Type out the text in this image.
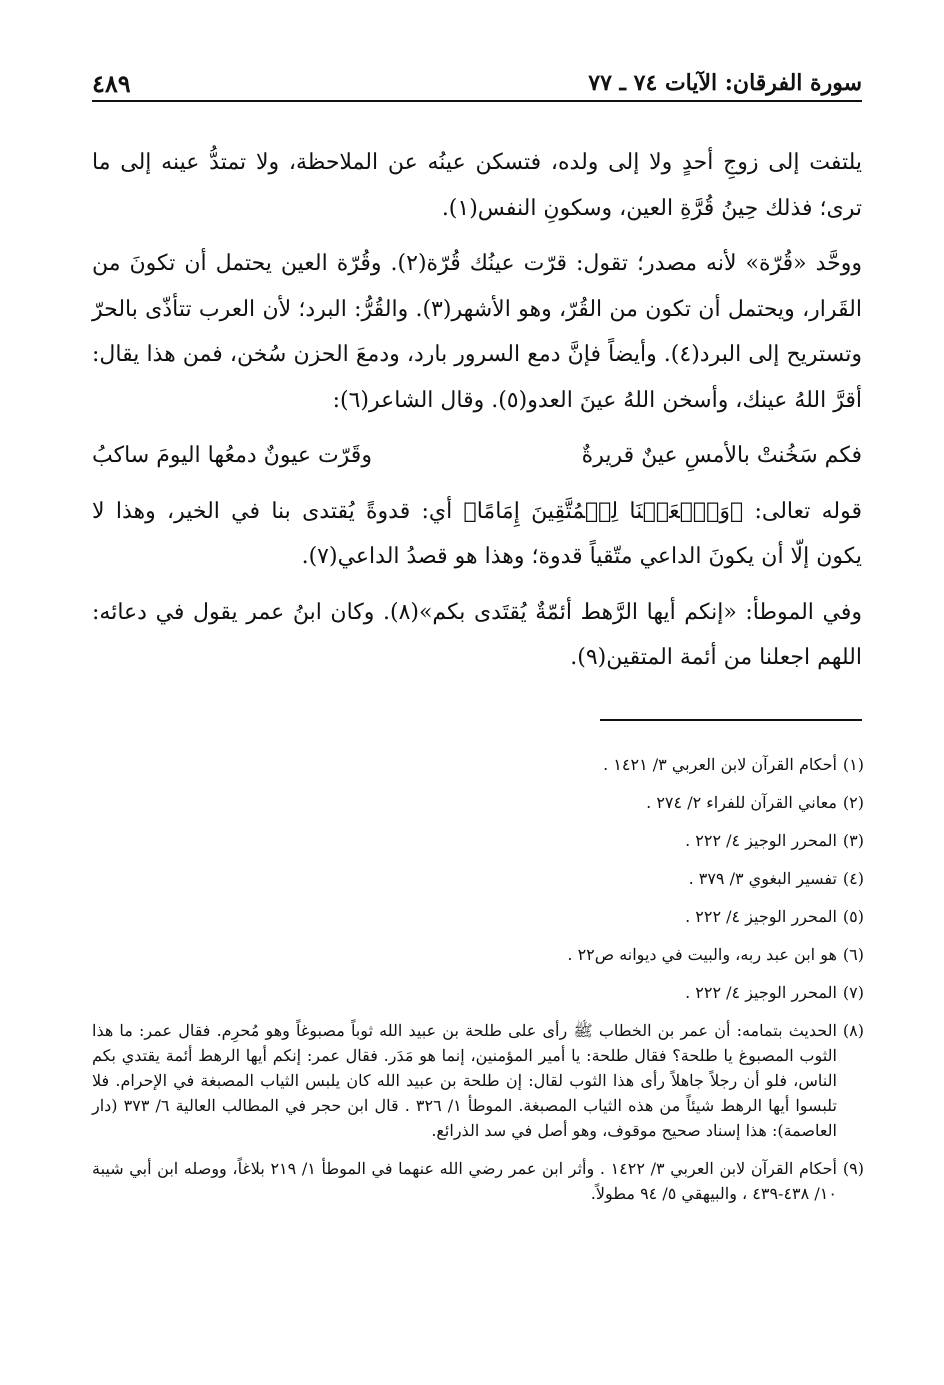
سورة الفرقان: الآيات ٧٤ ـ ٧٧
٤٨٩

يلتفت إلى زوجِ أحدٍ ولا إلى ولده، فتسكن عينُه عن الملاحظة، ولا تمتدُّ عينه إلى ما ترى؛ فذلك حِينُ قُرَّةِ العين، وسكونِ النفس(١).

ووحَّد «قُرّة» لأنه مصدر؛ تقول: قرّت عينُك قُرّة(٢). وقُرّة العين يحتمل أن تكونَ من القَرار، ويحتمل أن تكون من القُرّ، وهو الأشهر(٣). والقُرُّ: البرد؛ لأن العرب تتأذّى بالحرّ وتستريح إلى البرد(٤). وأيضاً فإنَّ دمع السرور بارد، ودمعَ الحزن سُخن، فمن هذا يقال: أقرَّ اللهُ عينك، وأسخن اللهُ عينَ العدو(٥). وقال الشاعر(٦):

فكم سَخُنتْ بالأمسِ عينٌ قريرةٌ
وقَرّت عيونٌ دمعُها اليومَ ساكبُ

قوله تعالى: ﴿وَٱجۡعَلۡنَا لِلۡمُتَّقِينَ إِمَامًا﴾ أي: قدوةً يُقتدى بنا في الخير، وهذا لا يكون إلّا أن يكونَ الداعي متّقياً قدوة؛ وهذا هو قصدُ الداعي(٧).

وفي الموطأ: «إنكم أيها الرَّهط أئمّةٌ يُقتَدى بكم»(٨). وكان ابنُ عمر يقول في دعائه: اللهم اجعلنا من أئمة المتقين(٩).

(١)
أحكام القرآن لابن العربي ٣/ ١٤٢١ .
(٢)
معاني القرآن للفراء ٢/ ٢٧٤ .
(٣)
المحرر الوجيز ٤/ ٢٢٢ .
(٤)
تفسير البغوي ٣/ ٣٧٩ .
(٥)
المحرر الوجيز ٤/ ٢٢٢ .
(٦)
هو ابن عبد ربه، والبيت في ديوانه ص٢٢ .
(٧)
المحرر الوجيز ٤/ ٢٢٢ .
(٨)
الحديث بتمامه: أن عمر بن الخطاب ﷺ رأى على طلحة بن عبيد الله ثوباً مصبوغاً وهو مُحرِم. فقال عمر: ما هذا الثوب المصبوغ يا طلحة؟ فقال طلحة: يا أمير المؤمنين، إنما هو مَدَر. فقال عمر: إنكم أيها الرهط أئمة يقتدي بكم الناس، فلو أن رجلاً جاهلاً رأى هذا الثوب لقال: إن طلحة بن عبيد الله كان يلبس الثياب المصبغة في الإحرام. فلا تلبسوا أيها الرهط شيئاً من هذه الثياب المصبغة. الموطأ ١/ ٣٢٦ . قال ابن حجر في المطالب العالية ٦/ ٣٧٣ (دار العاصمة): هذا إسناد صحيح موقوف، وهو أصل في سد الذرائع.
(٩)
أحكام القرآن لابن العربي ٣/ ١٤٢٢ . وأثر ابن عمر رضي الله عنهما في الموطأ ١/ ٢١٩ بلاغاً، ووصله ابن أبي شيبة ١٠/ ٤٣٨-٤٣٩ ، والبيهقي ٥/ ٩٤ مطولاً.
